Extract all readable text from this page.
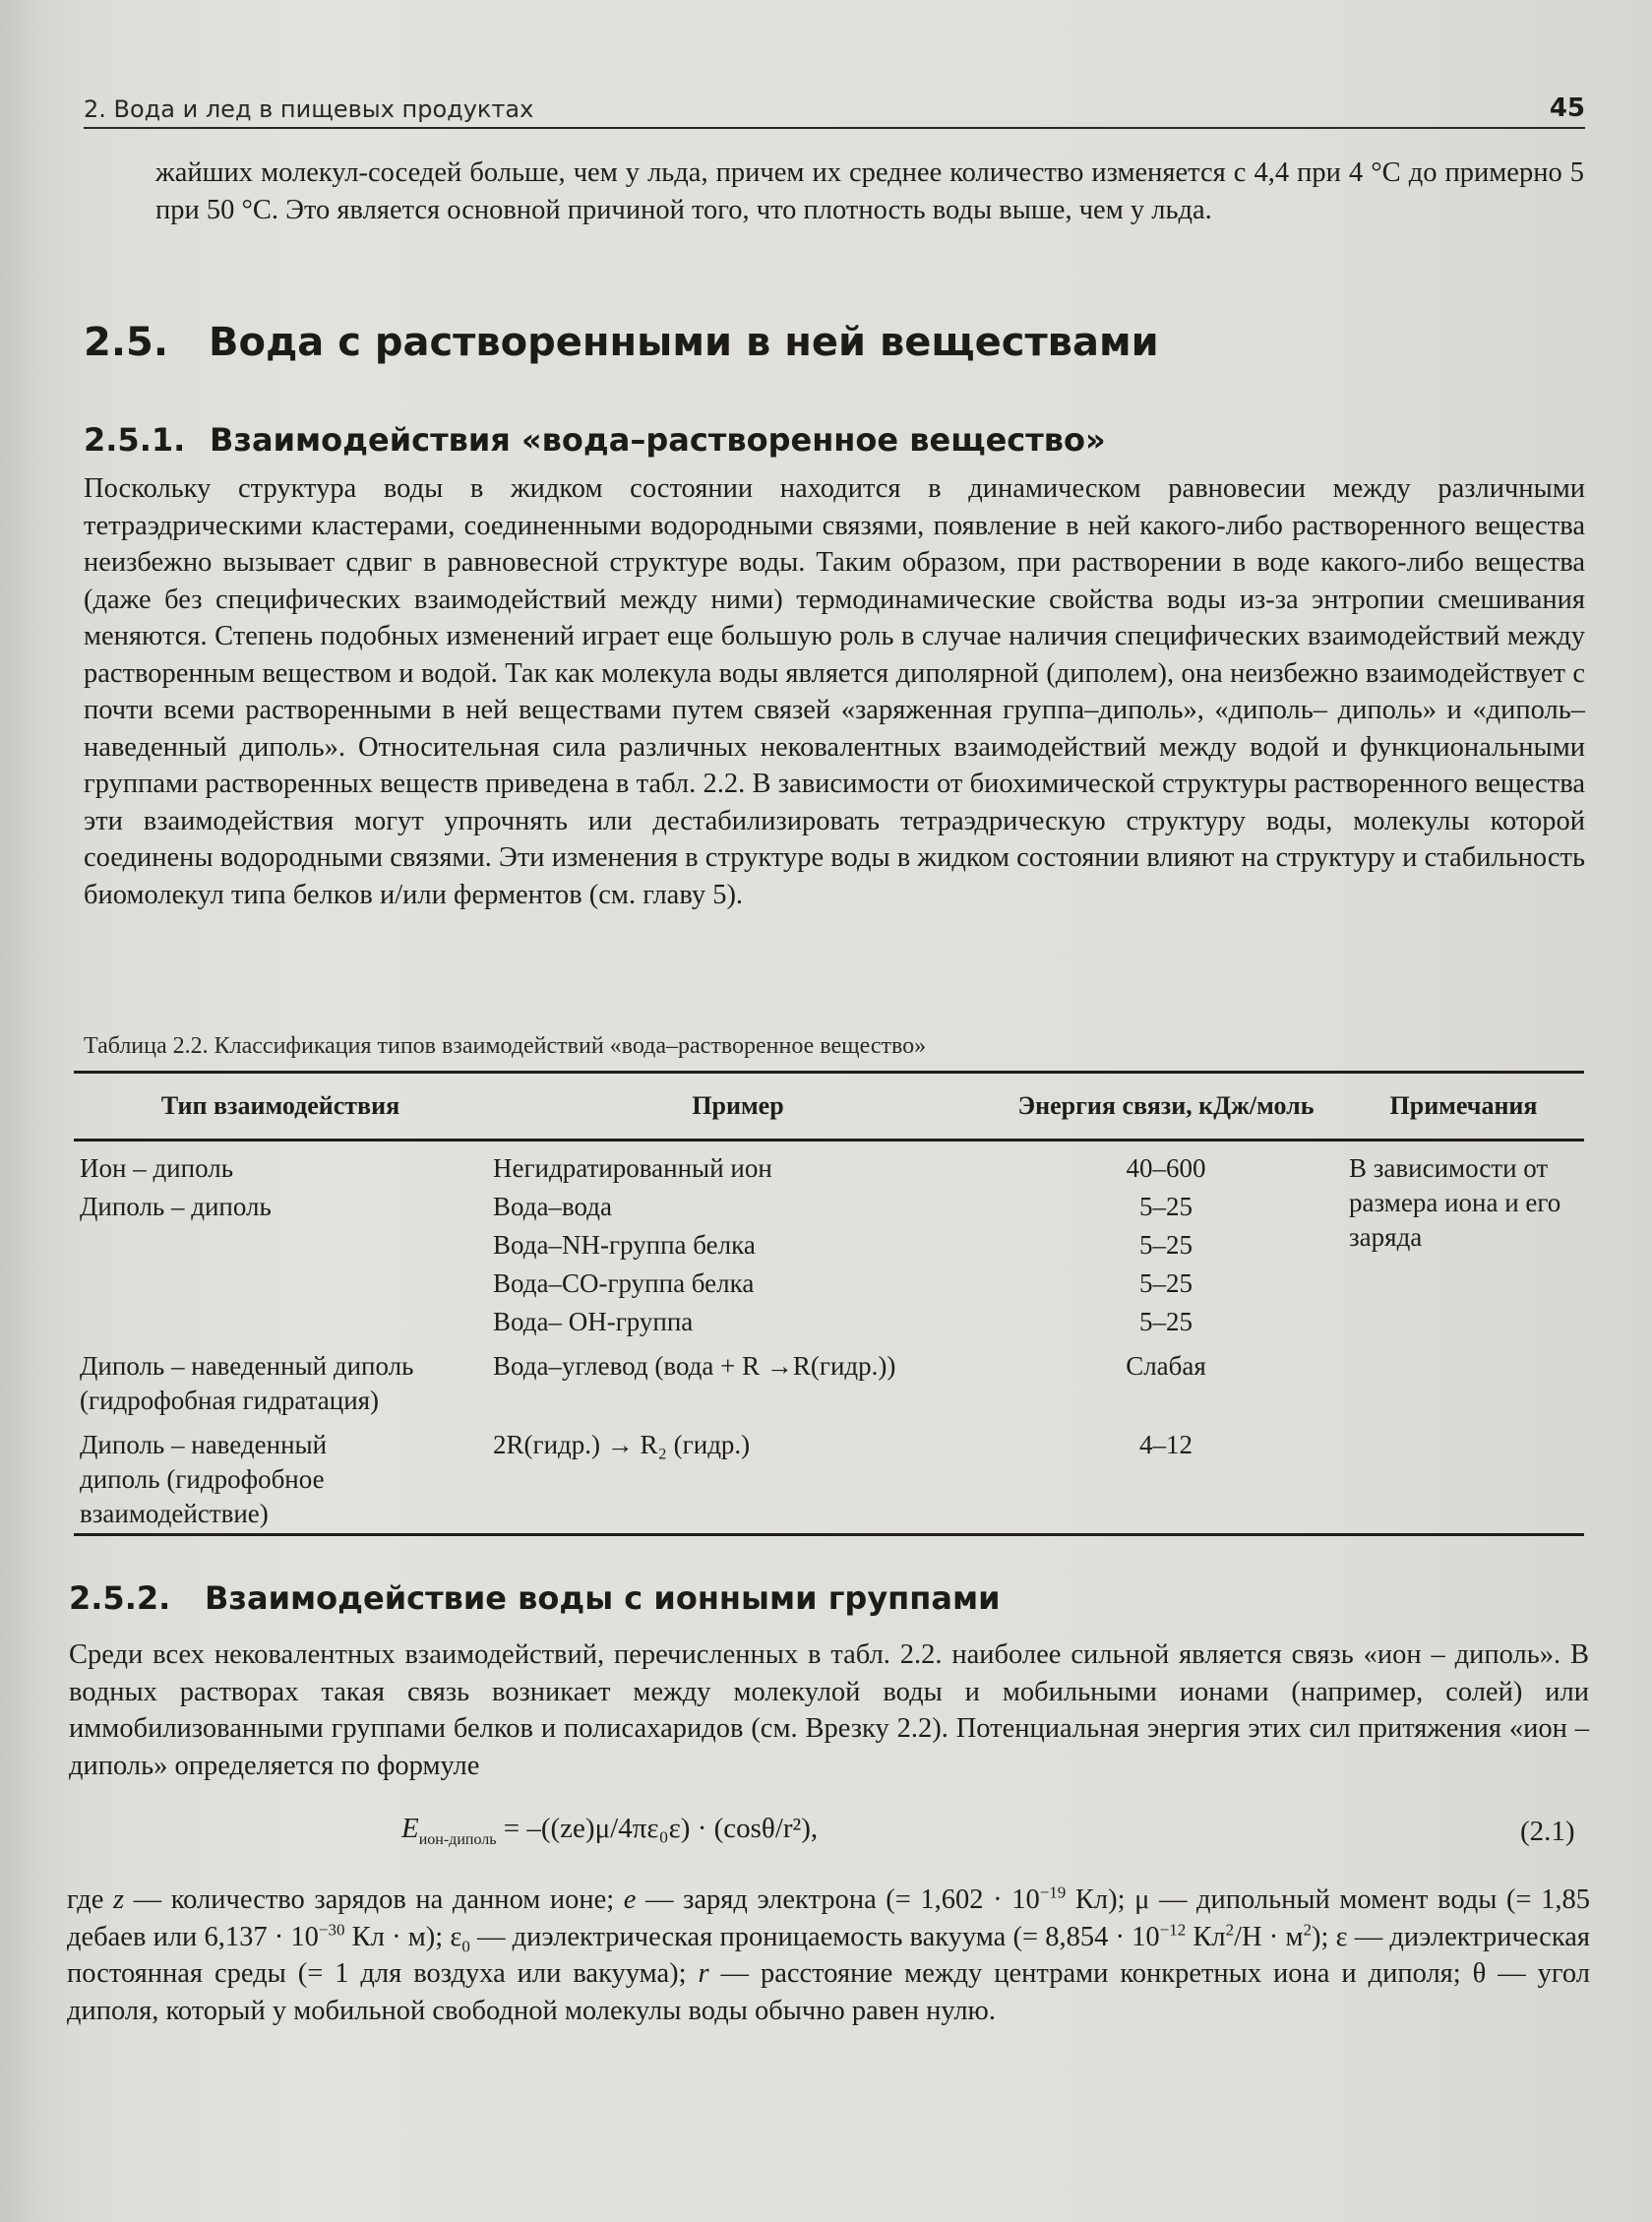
2. Вода и лед в пищевых продуктах	45

жайших молекул-соседей больше, чем у льда, причем их среднее количество изменяется с 4,4 при 4 °С до примерно 5 при 50 °С. Это является основной причиной того, что плотность воды выше, чем у льда.

2.5. Вода с растворенными в ней веществами
2.5.1. Взаимодействия «вода–растворенное вещество»

Поскольку структура воды в жидком состоянии находится в динамическом равновесии между различными тетраэдрическими кластерами, соединенными водородными связями, появление в ней какого-либо растворенного вещества неизбежно вызывает сдвиг в равновесной структуре воды. Таким образом, при растворении в воде какого-либо вещества (даже без специфических взаимодействий между ними) термодинамические свойства воды из-за энтропии смешивания меняются. Степень подобных изменений играет еще большую роль в случае наличия специфических взаимодействий между растворенным веществом и водой. Так как молекула воды является диполярной (диполем), она неизбежно взаимодействует с почти всеми растворенными в ней веществами путем связей «заряженная группа–диполь», «диполь– диполь» и «диполь–наведенный диполь». Относительная сила различных нековалентных взаимодействий между водой и функциональными группами растворенных веществ приведена в табл. 2.2. В зависимости от биохимической структуры растворенного вещества эти взаимодействия могут упрочнять или дестабилизировать тетраэдрическую структуру воды, молекулы которой соединены водородными связями. Эти изменения в структуре воды в жидком состоянии влияют на структуру и стабильность биомолекул типа белков и/или ферментов (см. главу 5).

Таблица 2.2. Классификация типов взаимодействий «вода–растворенное вещество»
Тип взаимодействия	Пример	Энергия связи, кДж/моль	Примечания
Ион – диполь	Негидратированный ион	40–600	В зависимости от размера иона и его заряда
Диполь – диполь	Вода–вода	5–25	
	Вода–NH-группа белка	5–25	
	Вода–CO-группа белка	5–25	
	Вода– OH-группа	5–25	
Диполь – наведенный диполь (гидрофобная гидратация)	Вода–углевод (вода + R →R(гидр.))	Слабая	
Диполь – наведенный диполь (гидрофобное взаимодействие)	2R(гидр.) → R₂ (гидр.)	4–12	
2.5.2. Взаимодействие воды с ионными группами

Среди всех нековалентных взаимодействий, перечисленных в табл. 2.2. наиболее сильной является связь «ион – диполь». В водных растворах такая связь возникает между молекулой воды и мобильными ионами (например, солей) или иммобилизованными группами белков и полисахаридов (см. Врезку 2.2). Потенциальная энергия этих сил притяжения «ион – диполь» определяется по формуле

$E_{ион-диполь} = -((ze)\mu/4\pi\varepsilon_0\varepsilon) \cdot (\cos\theta/r^2)$,	(2.1)

где z — количество зарядов на данном ионе; e — заряд электрона (= $1,602 \cdot 10^{-19}$ Кл); μ — дипольный момент воды (= 1,85 дебаев или $6,137 \cdot 10^{-30}$ Кл · м); $\varepsilon_0$ — диэлектрическая проницаемость вакуума (= $8,854 \cdot 10^{-12}$ $Кл^2/Н \cdot м^2$); ε — диэлектрическая постоянная среды (= 1 для воздуха или вакуума); r — расстояние между центрами конкретных иона и диполя; θ — угол диполя, который у мобильной свободной молекулы воды обычно равен нулю.
